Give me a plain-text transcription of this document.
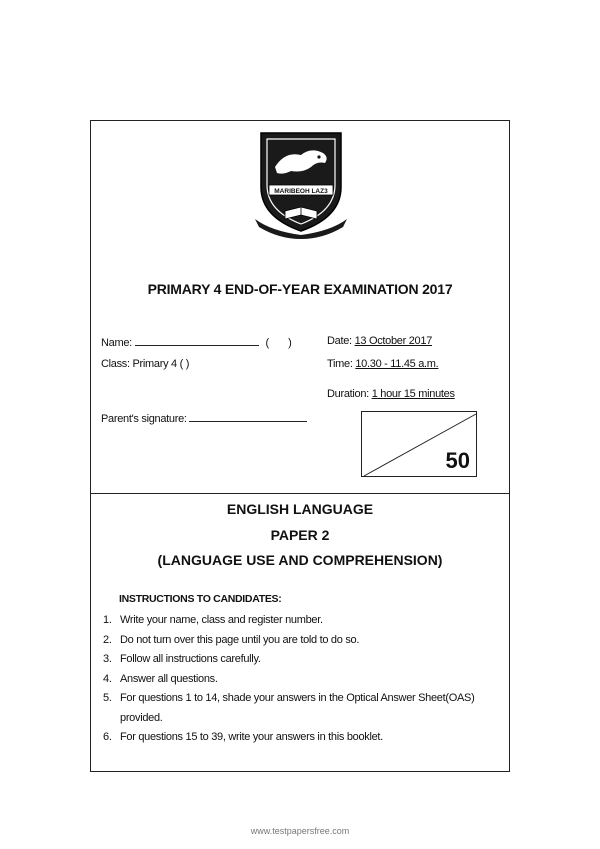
MARIBEOH LAZ3
PRIMARY 4 END-OF-YEAR EXAMINATION 2017
Name:	(       )
Class: Primary 4 ( )
Parent's signature:
Date: 13 October 2017
Time: 10.30 - 11.45 a.m.
Duration: 1 hour 15 minutes
50
ENGLISH LANGUAGE
PAPER 2
(LANGUAGE USE AND COMPREHENSION)
INSTRUCTIONS TO CANDIDATES:
1. Write your name, class and register number.
2. Do not turn over this page until you are told to do so.
3. Follow all instructions carefully.
4. Answer all questions.
5. For questions 1 to 14, shade your answers in the Optical Answer Sheet(OAS) provided.
6. For questions 15 to 39, write your answers in this booklet.
www.testpapersfree.com
